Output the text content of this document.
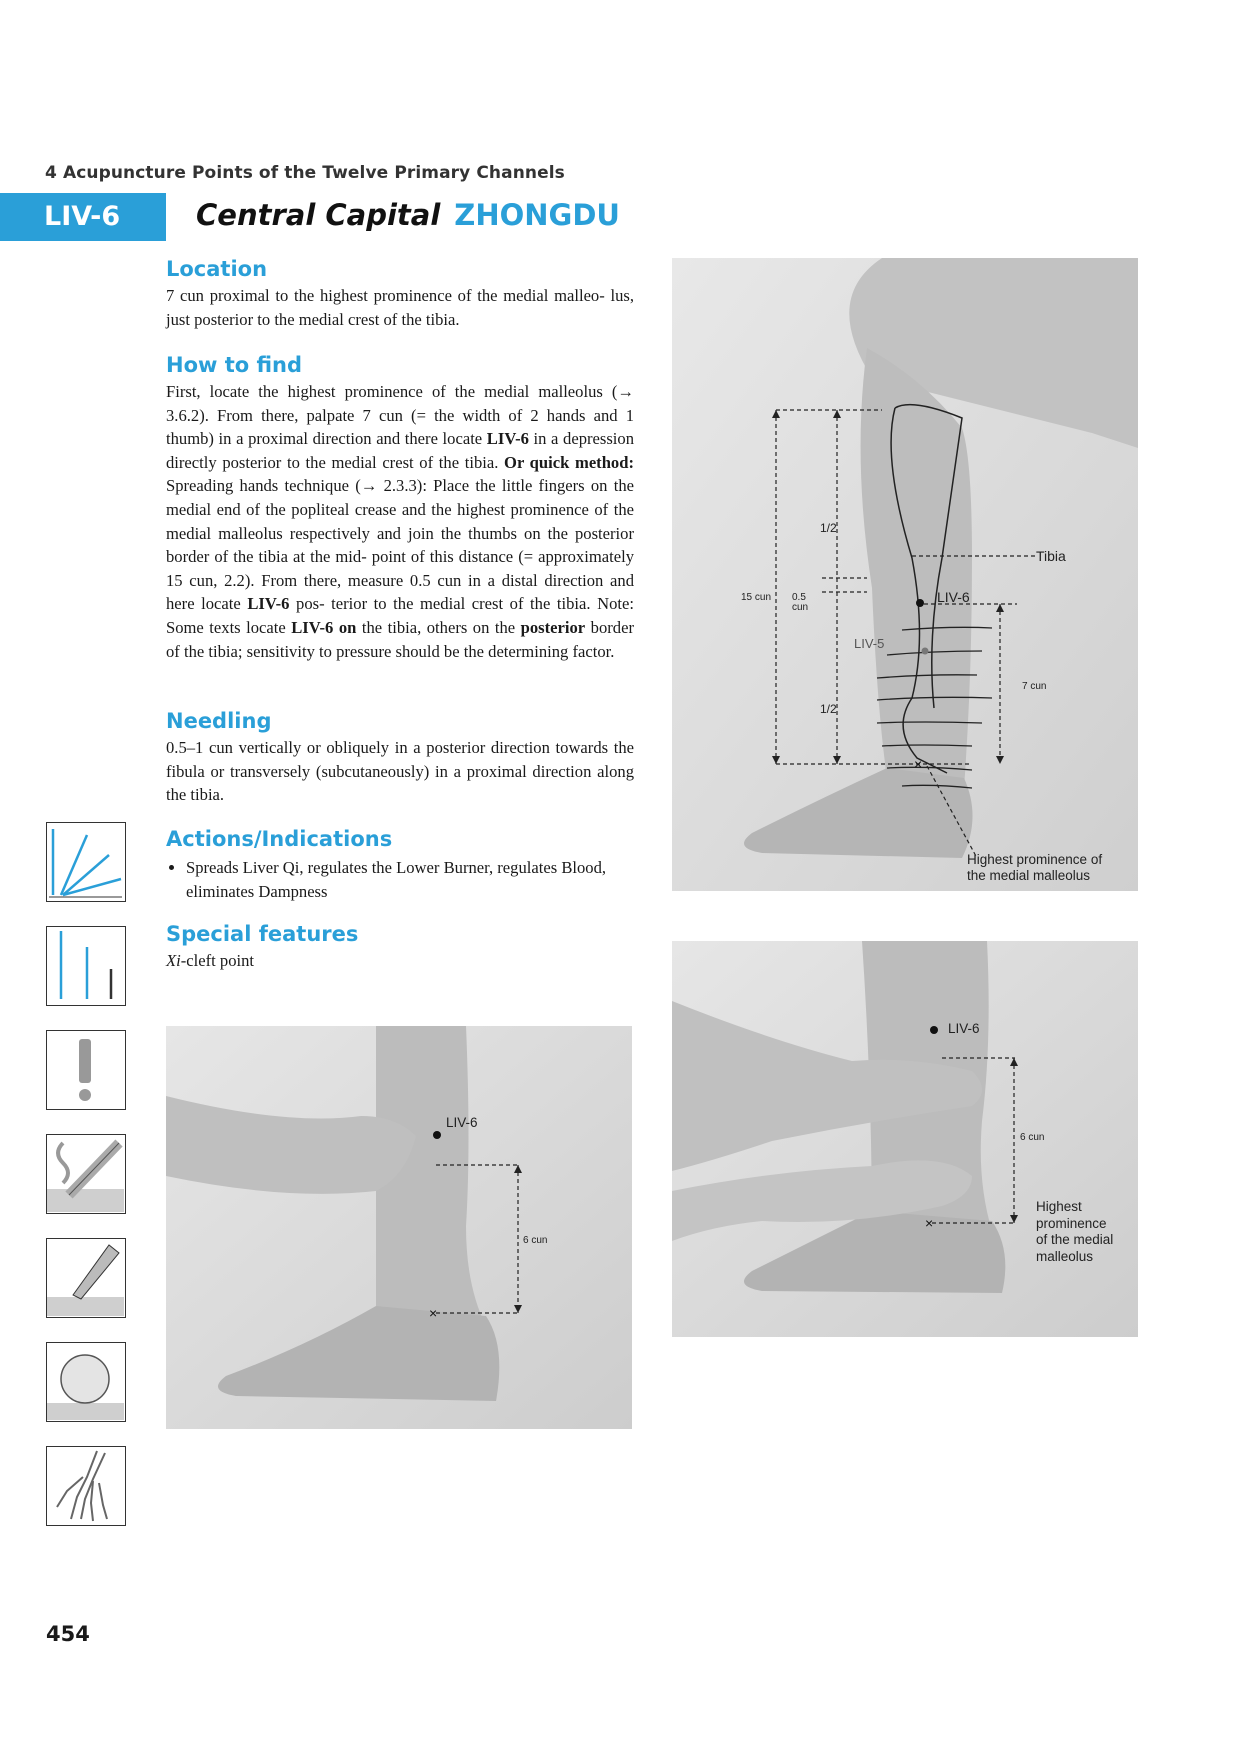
4 Acupuncture Points of the Twelve Primary Channels
LIV-6	Central Capital ZHONGDU
Location

7 cun proximal to the highest prominence of the medial malleo- lus, just posterior to the medial crest of the tibia.

How to find

First, locate the highest prominence of the medial malleolus (→ 3.6.2). From there, palpate 7 cun (= the width of 2 hands and 1 thumb) in a proximal direction and there locate LIV-6 in a depression directly posterior to the medial crest of the tibia. Or quick method: Spreading hands technique (→ 2.3.3): Place the little fingers on the medial end of the popliteal crease and the highest prominence of the medial malleolus respectively and join the thumbs on the posterior border of the tibia at the mid- point of this distance (= approximately 15 cun, 2.2). From there, measure 0.5 cun in a distal direction and here locate LIV-6 pos- terior to the medial crest of the tibia. Note: Some texts locate LIV-6 on the tibia, others on the posterior border of the tibia; sensitivity to pressure should be the determining factor.

Needling

0.5–1 cun vertically or obliquely in a posterior direction towards the fibula or transversely (subcutaneously) in a proximal direction along the tibia.

Actions/Indications
• Spreads Liver Qi, regulates the Lower Burner, regulates Blood, eliminates Dampness
Special features

Xi-cleft point

×
1/2
1/2
15 cun 0.5
cun
Tibia
LIV-6
LIV-5
7 cun
Highest prominence of
the medial malleolus
×
LIV-6
6 cun
×
LIV-6
6 cun
Highest
prominence
of the medial
malleolus
454
